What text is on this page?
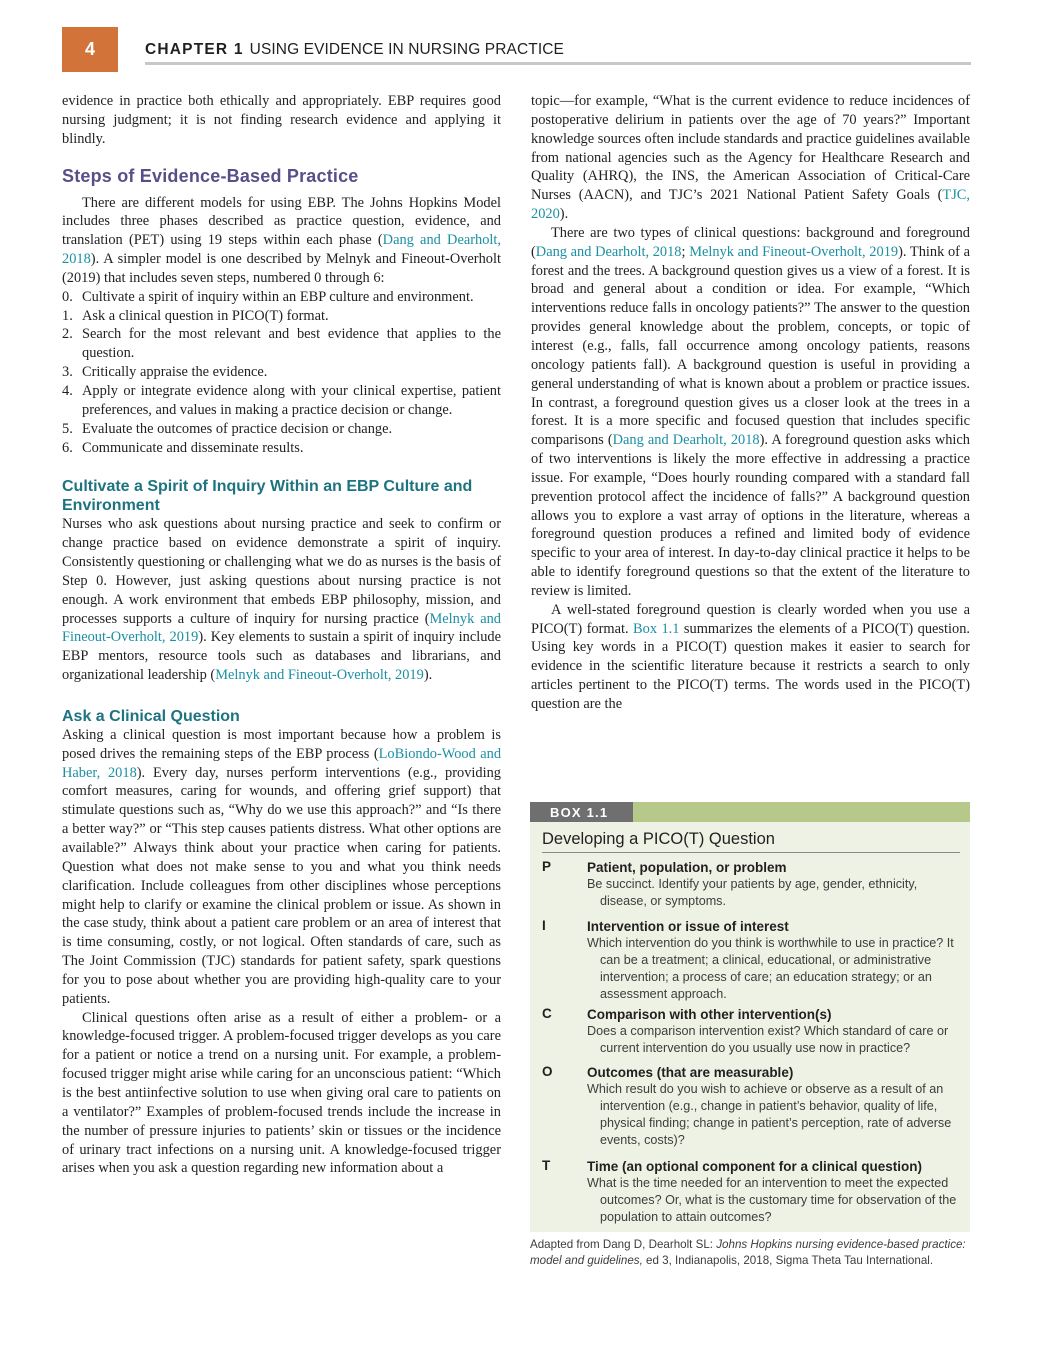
4	CHAPTER 1 USING EVIDENCE IN NURSING PRACTICE

evidence in practice both ethically and appropriately. EBP requires good nursing judgment; it is not finding research evidence and applying it blindly.

Steps of Evidence-Based Practice

There are different models for using EBP. The Johns Hopkins Model includes three phases described as practice question, evidence, and translation (PET) using 19 steps within each phase (Dang and Dearholt, 2018). A simpler model is one described by Melnyk and Fineout-Overholt (2019) that includes seven steps, numbered 0 through 6:

0. Cultivate a spirit of inquiry within an EBP culture and environment.
1. Ask a clinical question in PICO(T) format.
2. Search for the most relevant and best evidence that applies to the question.
3. Critically appraise the evidence.
4. Apply or integrate evidence along with your clinical expertise, patient preferences, and values in making a practice decision or change.
5. Evaluate the outcomes of practice decision or change.
6. Communicate and disseminate results.
Cultivate a Spirit of Inquiry Within an EBP Culture and Environment

Nurses who ask questions about nursing practice and seek to confirm or change practice based on evidence demonstrate a spirit of inquiry. Consistently questioning or challenging what we do as nurses is the basis of Step 0. However, just asking questions about nursing practice is not enough. A work environment that embeds EBP philosophy, mission, and processes supports a culture of inquiry for nursing practice (Melnyk and Fineout-Overholt, 2019). Key elements to sustain a spirit of inquiry include EBP mentors, resource tools such as databases and librarians, and organizational leadership (Melnyk and Fineout-Overholt, 2019).

Ask a Clinical Question

Asking a clinical question is most important because how a problem is posed drives the remaining steps of the EBP process (LoBiondo-Wood and Haber, 2018). Every day, nurses perform interventions (e.g., providing comfort measures, caring for wounds, and offering grief support) that stimulate questions such as, “Why do we use this approach?” and “Is there a better way?” or “This step causes patients distress. What other options are available?” Always think about your practice when caring for patients. Question what does not make sense to you and what you think needs clarification. Include colleagues from other disciplines whose perceptions might help to clarify or examine the clinical problem or issue. As shown in the case study, think about a patient care problem or an area of interest that is time consuming, costly, or not logical. Often standards of care, such as The Joint Commission (TJC) standards for patient safety, spark questions for you to pose about whether you are providing high-quality care to your patients.

Clinical questions often arise as a result of either a problem- or a knowledge-focused trigger. A problem-focused trigger develops as you care for a patient or notice a trend on a nursing unit. For example, a problem-focused trigger might arise while caring for an unconscious patient: “Which is the best antiinfective solution to use when giving oral care to patients on a ventilator?” Examples of problem-focused trends include the increase in the number of pressure injuries to patients’ skin or tissues or the incidence of urinary tract infections on a nursing unit. A knowledge-focused trigger arises when you ask a question regarding new information about a

topic—for example, “What is the current evidence to reduce incidences of postoperative delirium in patients over the age of 70 years?” Important knowledge sources often include standards and practice guidelines available from national agencies such as the Agency for Healthcare Research and Quality (AHRQ), the INS, the American Association of Critical-Care Nurses (AACN), and TJC’s 2021 National Patient Safety Goals (TJC, 2020).

There are two types of clinical questions: background and foreground (Dang and Dearholt, 2018; Melnyk and Fineout-Overholt, 2019). Think of a forest and the trees. A background question gives us a view of a forest. It is broad and general about a condition or idea. For example, “Which interventions reduce falls in oncology patients?” The answer to the question provides general knowledge about the problem, concepts, or topic of interest (e.g., falls, fall occurrence among oncology patients, reasons oncology patients fall). A background question is useful in providing a general understanding of what is known about a problem or practice issues. In contrast, a foreground question gives us a closer look at the trees in a forest. It is a more specific and focused question that includes specific comparisons (Dang and Dearholt, 2018). A foreground question asks which of two interventions is likely the more effective in addressing a practice issue. For example, “Does hourly rounding compared with a standard fall prevention protocol affect the incidence of falls?” A background question allows you to explore a vast array of options in the literature, whereas a foreground question produces a refined and limited body of evidence specific to your area of interest. In day-to-day clinical practice it helps to be able to identify foreground questions so that the extent of the literature to review is limited.

A well-stated foreground question is clearly worded when you use a PICO(T) format. Box 1.1 summarizes the elements of a PICO(T) question. Using key words in a PICO(T) question makes it easier to search for evidence in the scientific literature because it restricts a search to only articles pertinent to the PICO(T) terms. The words used in the PICO(T) question are the

BOX 1.1
Developing a PICO(T) Question
P	Patient, population, or problem
Be succinct. Identify your patients by age, gender, ethnicity, disease, or symptoms.
I	Intervention or issue of interest
Which intervention do you think is worthwhile to use in practice? It can be a treatment; a clinical, educational, or administrative intervention; a process of care; an education strategy; or an assessment approach.
C	Comparison with other intervention(s)
Does a comparison intervention exist? Which standard of care or current intervention do you usually use now in practice?
O	Outcomes (that are measurable)
Which result do you wish to achieve or observe as a result of an intervention (e.g., change in patient’s behavior, quality of life, physical finding; change in patient’s perception, rate of adverse events, costs)?
T	Time (an optional component for a clinical question)
What is the time needed for an intervention to meet the expected outcomes? Or, what is the customary time for observation of the population to attain outcomes?
Adapted from Dang D, Dearholt SL: Johns Hopkins nursing evidence-based practice: model and guidelines, ed 3, Indianapolis, 2018, Sigma Theta Tau International.
